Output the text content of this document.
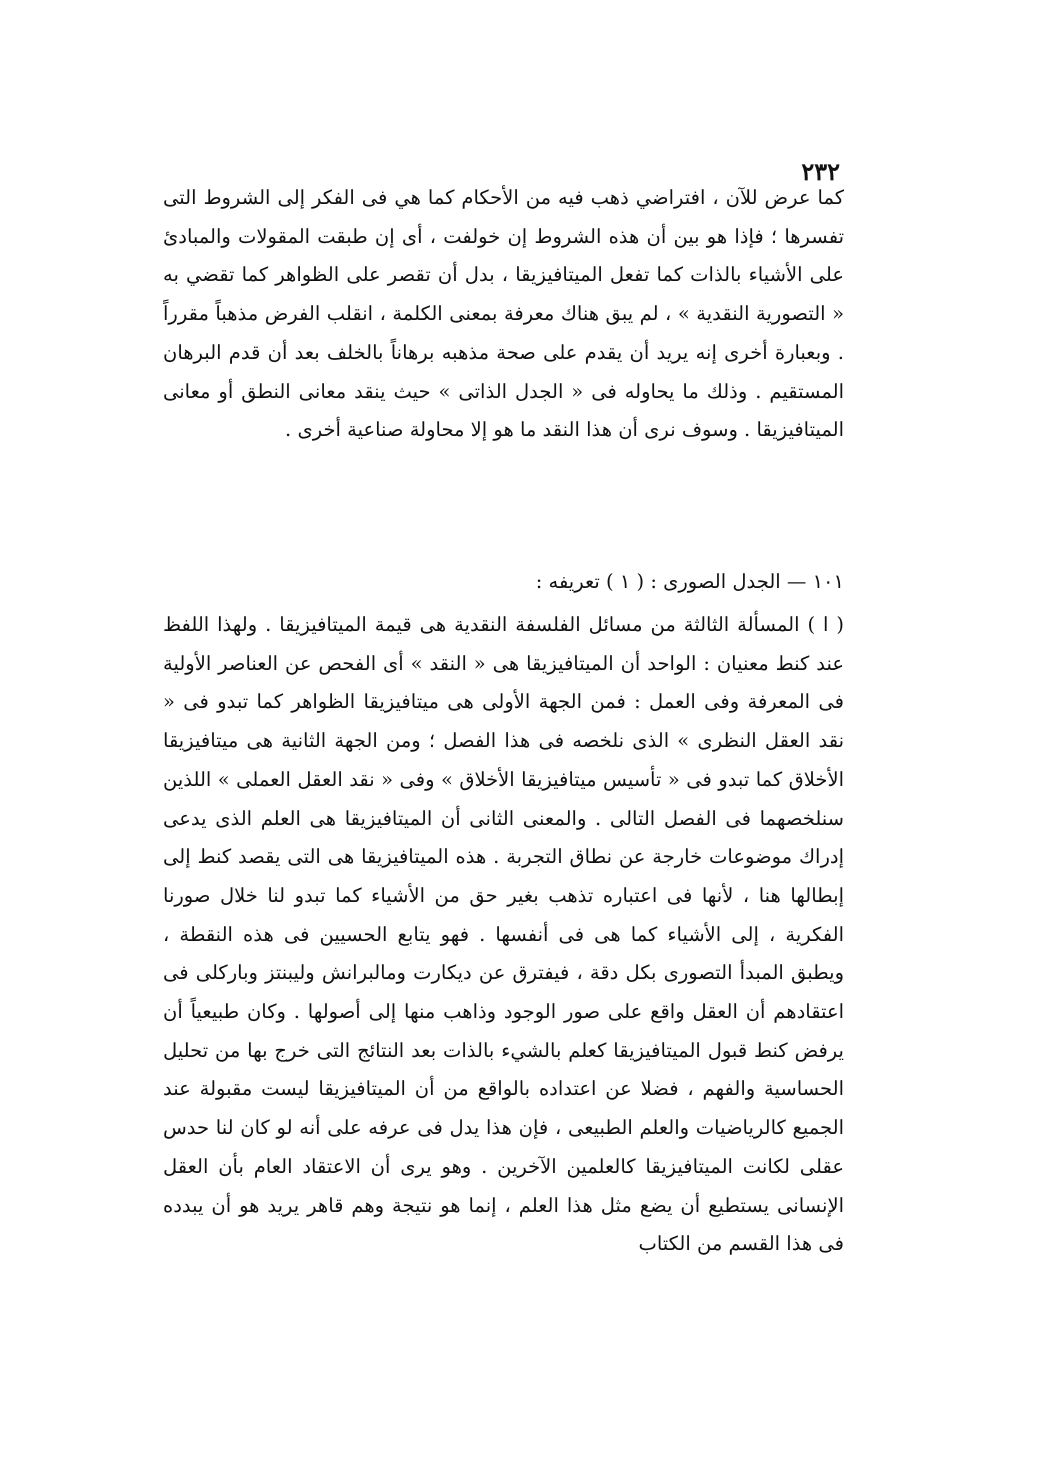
٢٣٢

كما عرض للآن ، افتراضي ذهب فيه من الأحكام كما هي فى الفكر إلى الشروط التى تفسرها ؛ فإذا هو بين أن هذه الشروط إن خولفت ، أى إن طبقت المقولات والمبادئ على الأشياء بالذات كما تفعل الميتافيزيقا ، بدل أن تقصر على الظواهر كما تقضي به « التصورية النقدية » ، لم يبق هناك معرفة بمعنى الكلمة ، انقلب الفرض مذهباً مقرراً . وبعبارة أخرى إنه يريد أن يقدم على صحة مذهبه برهاناً بالخلف بعد أن قدم البرهان المستقيم . وذلك ما يحاوله فى « الجدل الذاتى » حيث ينقد معانى النطق أو معانى الميتافيزيقا . وسوف نرى أن هذا النقد ما هو إلا محاولة صناعية أخرى .

١٠١ — الجدل الصورى : ( ١ ) تعريفه :

( ا ) المسألة الثالثة من مسائل الفلسفة النقدية هى قيمة الميتافيزيقا . ولهذا اللفظ عند كنط معنيان : الواحد أن الميتافيزيقا هى « النقد » أى الفحص عن العناصر الأولية فى المعرفة وفى العمل : فمن الجهة الأولى هى ميتافيزيقا الظواهر كما تبدو فى « نقد العقل النظرى » الذى نلخصه فى هذا الفصل ؛ ومن الجهة الثانية هى ميتافيزيقا الأخلاق كما تبدو فى « تأسيس ميتافيزيقا الأخلاق » وفى « نقد العقل العملى » اللذين سنلخصهما فى الفصل التالى . والمعنى الثانى أن الميتافيزيقا هى العلم الذى يدعى إدراك موضوعات خارجة عن نطاق التجربة . هذه الميتافيزيقا هى التى يقصد كنط إلى إبطالها هنا ، لأنها فى اعتباره تذهب بغير حق من الأشياء كما تبدو لنا خلال صورنا الفكرية ، إلى الأشياء كما هى فى أنفسها . فهو يتابع الحسيين فى هذه النقطة ، ويطبق المبدأ التصورى بكل دقة ، فيفترق عن ديكارت ومالبرانش وليبنتز وباركلى فى اعتقادهم أن العقل واقع على صور الوجود وذاهب منها إلى أصولها . وكان طبيعياً أن يرفض كنط قبول الميتافيزيقا كعلم بالشيء بالذات بعد النتائج التى خرج بها من تحليل الحساسية والفهم ، فضلا عن اعتداده بالواقع من أن الميتافيزيقا ليست مقبولة عند الجميع كالرياضيات والعلم الطبيعى ، فإن هذا يدل فى عرفه على أنه لو كان لنا حدس عقلى لكانت الميتافيزيقا كالعلمين الآخرين . وهو يرى أن الاعتقاد العام بأن العقل الإنسانى يستطيع أن يضع مثل هذا العلم ، إنما هو نتيجة وهم قاهر يريد هو أن يبدده فى هذا القسم من الكتاب
